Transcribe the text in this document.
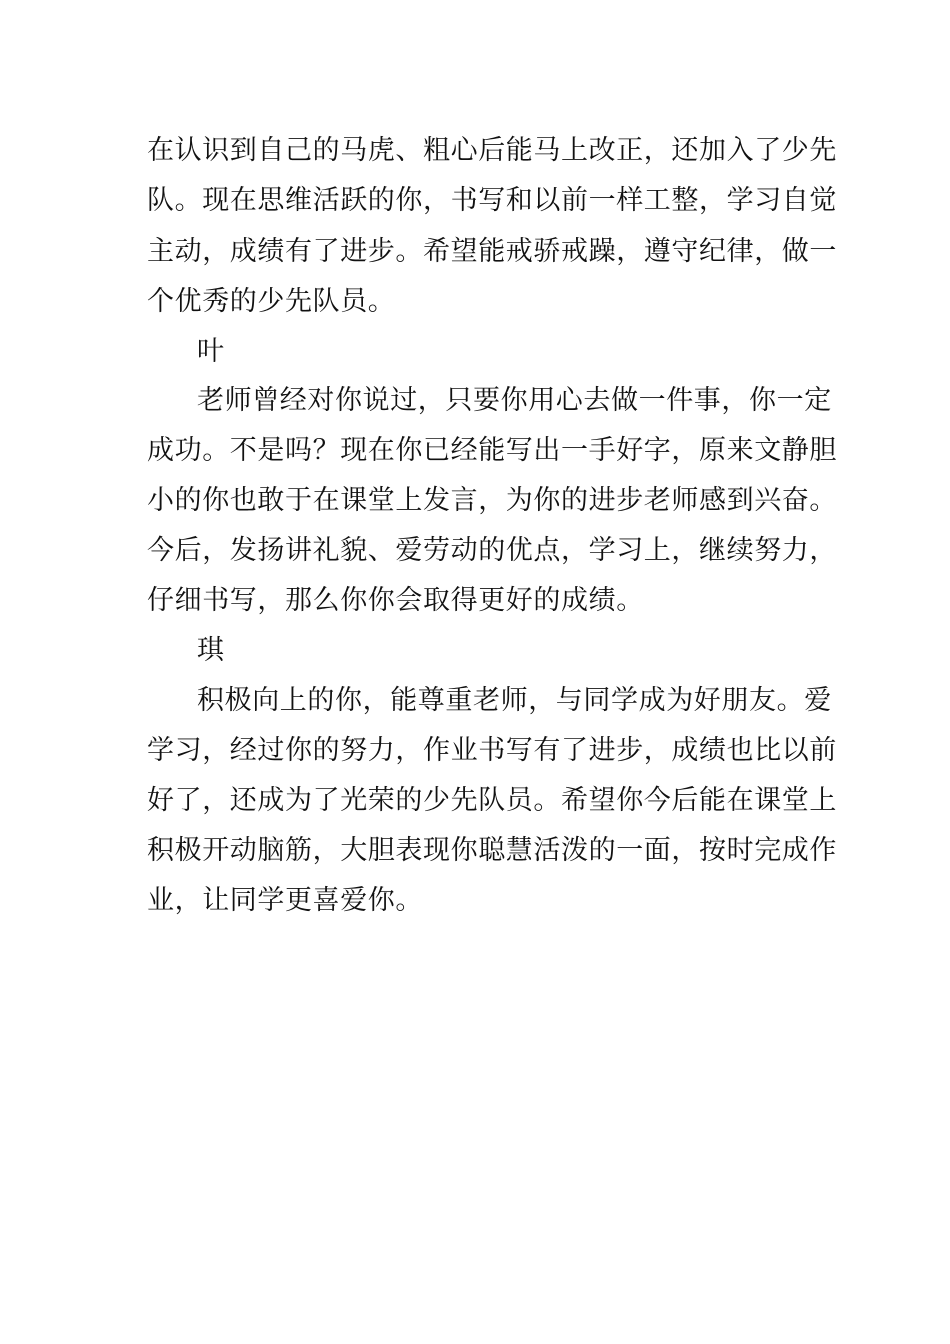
在认识到自己的马虎、粗心后能马上改正，还加入了少先
队。现在思维活跃的你，书写和以前一样工整，学习自觉
主动，成绩有了进步。希望能戒骄戒躁，遵守纪律，做一
个优秀的少先队员。
叶
老师曾经对你说过，只要你用心去做一件事，你一定
成功。不是吗？现在你已经能写出一手好字，原来文静胆
小的你也敢于在课堂上发言，为你的进步老师感到兴奋。
今后，发扬讲礼貌、爱劳动的优点，学习上，继续努力，
仔细书写，那么你你会取得更好的成绩。
琪
积极向上的你，能尊重老师，与同学成为好朋友。爱
学习，经过你的努力，作业书写有了进步，成绩也比以前
好了，还成为了光荣的少先队员。希望你今后能在课堂上
积极开动脑筋，大胆表现你聪慧活泼的一面，按时完成作
业，让同学更喜爱你。
